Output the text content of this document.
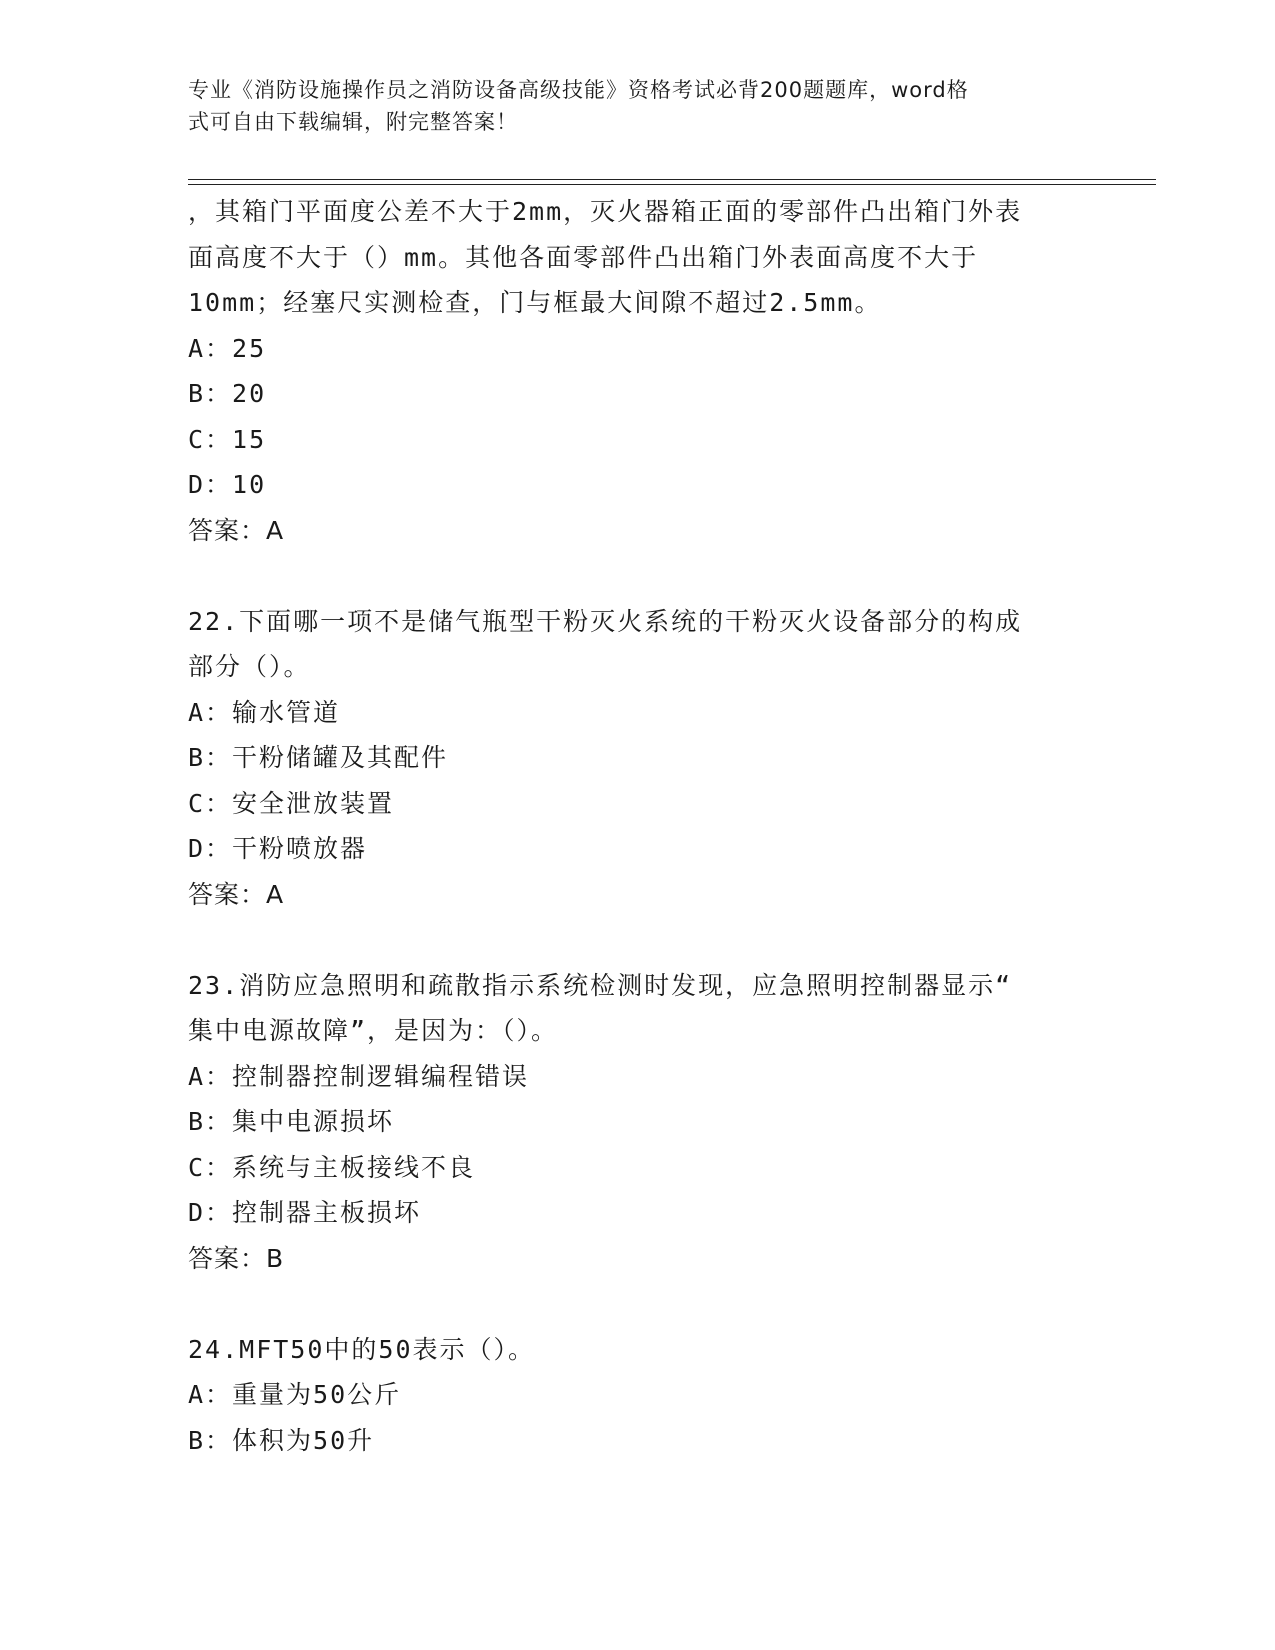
专业《消防设施操作员之消防设备高级技能》资格考试必背200题题库，word格
式可自由下载编辑，附完整答案！
，其箱门平面度公差不大于2mm，灭火器箱正面的零部件凸出箱门外表
面高度不大于（）mm。其他各面零部件凸出箱门外表面高度不大于
10mm；经塞尺实测检查，门与框最大间隙不超过2.5mm。
A：25
B：20
C：15
D：10
答案：A
22.下面哪一项不是储气瓶型干粉灭火系统的干粉灭火设备部分的构成
部分（）。
A：输水管道
B：干粉储罐及其配件
C：安全泄放装置
D：干粉喷放器
答案：A
23.消防应急照明和疏散指示系统检测时发现，应急照明控制器显示“
集中电源故障”，是因为：（）。
A：控制器控制逻辑编程错误
B：集中电源损坏
C：系统与主板接线不良
D：控制器主板损坏
答案：B
24.MFT50中的50表示（）。
A：重量为50公斤
B：体积为50升
